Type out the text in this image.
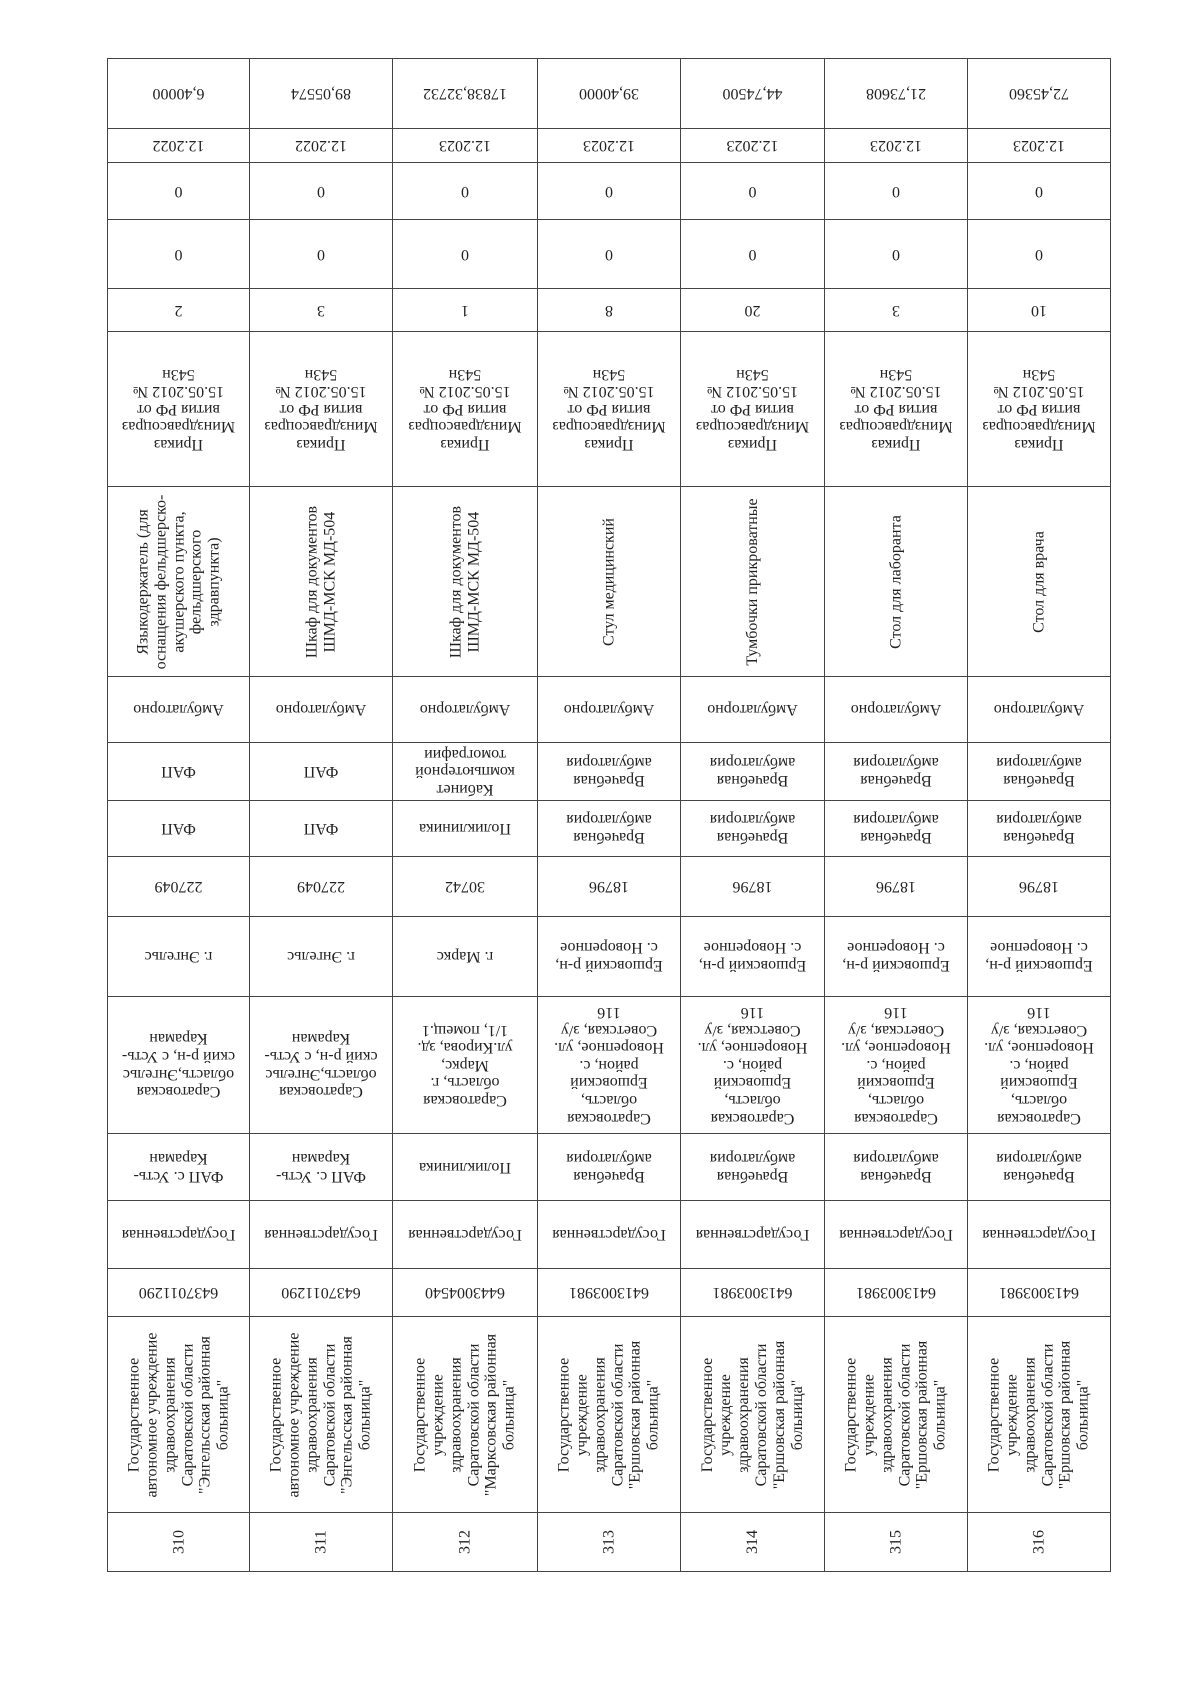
6,40000
12.2022
0
0
2
Приказ
Минздравсоцраз
вития РФ от
15.05.2012 №
543н
Языкодержатель (для
оснащения фельдшерско-
акушерского пункта,
фельдшерского
здравпункта)
Амбулаторно
ФАП
ФАП
227049
г. Энгельс
Саратовская
область,Энгельс
ский р-н, с Усть-
Караман
ФАП с. Усть-
Караман
Государственная
6437011290
Государственное
автономное учреждение
здравоохранения
Саратовской области
"Энгельсская районная
больница"
310
89,05574
12.2022
0
0
3
Приказ
Минздравсоцраз
вития РФ от
15.05.2012 №
543н
Шкаф для документов
ШМД-МСК МД-504
Амбулаторно
ФАП
ФАП
227049
г. Энгельс
Саратовская
область,Энгельс
ский р-н, с Усть-
Караман
ФАП с. Усть-
Караман
Государственная
6437011290
Государственное
автономное учреждение
здравоохранения
Саратовской области
"Энгельсская районная
больница"
311
17838,32732
12.2023
0
0
1
Приказ
Минздравсоцраз
вития РФ от
15.05.2012 №
543н
Шкаф для документов
ШМД-МСК МД-504
Амбулаторно
Кабинет
компьютерной
томографии
Поликлиника
30742
г. Маркс
Саратовская
область, г.
Маркс,
ул.Кирова, зд.
1/1, помещ.1
Поликлиника
Государственная
6443004540
Государственное
учреждение
здравоохранения
Саратовской области
"Марксовская районная
больница"
312
39,40000
12.2023
0
0
8
Приказ
Минздравсоцраз
вития РФ от
15.05.2012 №
543н
Стул медицинский
Амбулаторно
Врачебная
амбулатория
Врачебная
амбулатория
18796
Ершовский р-н,
с. Новорепное
Саратовская
область,
Ершовский
район, с.
Новорепное, ул.
Советская, з/у
116
Врачебная
амбулатория
Государственная
6413003981
Государственное
учреждение
здравоохранения
Саратовской области
"Ершовская районная
больница"
313
44,74500
12.2023
0
0
20
Приказ
Минздравсоцраз
вития РФ от
15.05.2012 №
543н
Тумбочки прикроватные
Амбулаторно
Врачебная
амбулатория
Врачебная
амбулатория
18796
Ершовский р-н,
с. Новорепное
Саратовская
область,
Ершовский
район, с.
Новорепное, ул.
Советская, з/у
116
Врачебная
амбулатория
Государственная
6413003981
Государственное
учреждение
здравоохранения
Саратовской области
"Ершовская районная
больница"
314
21,73608
12.2023
0
0
3
Приказ
Минздравсоцраз
вития РФ от
15.05.2012 №
543н
Стол для лаборанта
Амбулаторно
Врачебная
амбулатория
Врачебная
амбулатория
18796
Ершовский р-н,
с. Новорепное
Саратовская
область,
Ершовский
район, с.
Новорепное, ул.
Советская, з/у
116
Врачебная
амбулатория
Государственная
6413003981
Государственное
учреждение
здравоохранения
Саратовской области
"Ершовская районная
больница"
315
72,45360
12.2023
0
0
10
Приказ
Минздравсоцраз
вития РФ от
15.05.2012 №
543н
Стол для врача
Амбулаторно
Врачебная
амбулатория
Врачебная
амбулатория
18796
Ершовский р-н,
с. Новорепное
Саратовская
область,
Ершовский
район, с.
Новорепное, ул.
Советская, з/у
116
Врачебная
амбулатория
Государственная
6413003981
Государственное
учреждение
здравоохранения
Саратовской области
"Ершовская районная
больница"
316
